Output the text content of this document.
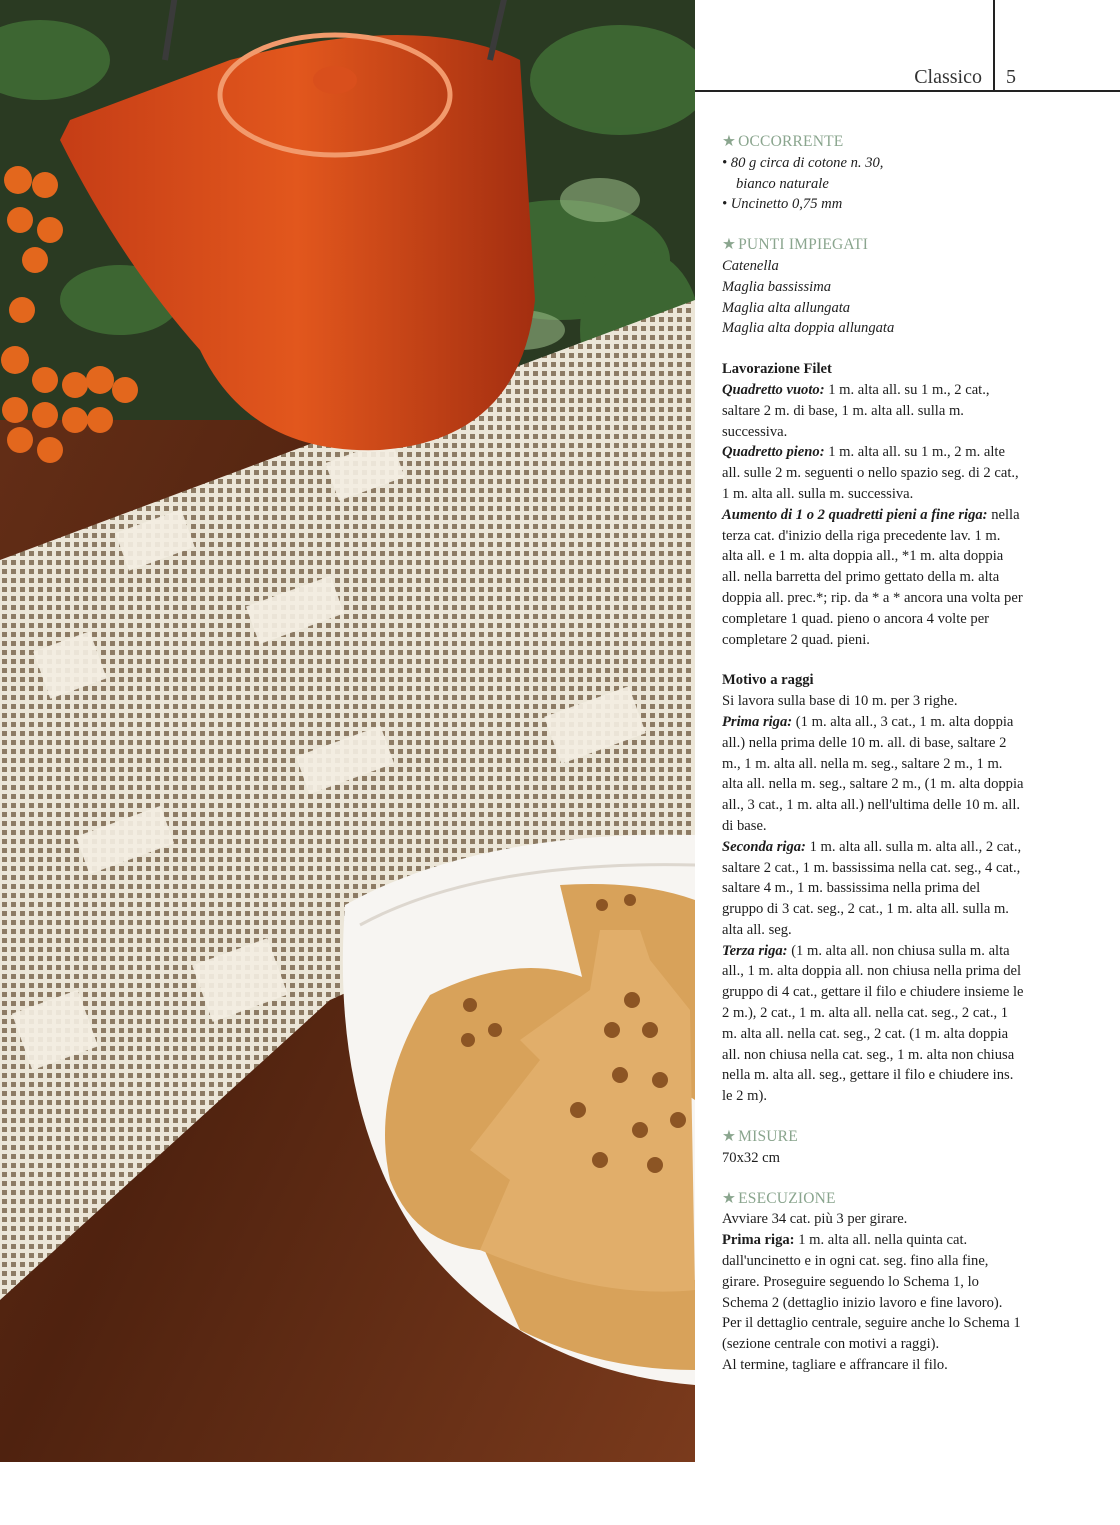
Classico 5
★ OCCORRENTE
• 80 g circa di cotone n. 30,
bianco naturale
• Uncinetto 0,75 mm
★ PUNTI IMPIEGATI
Catenella
Maglia bassissima
Maglia alta allungata
Maglia alta doppia allungata
Lavorazione Filet

Quadretto vuoto: 1 m. alta all. su 1 m., 2 cat., saltare 2 m. di base, 1 m. alta all. sulla m. successiva.

Quadretto pieno: 1 m. alta all. su 1 m., 2 m. alte all. sulle 2 m. seguenti o nello spazio seg. di 2 cat., 1 m. alta all. sulla m. successiva.

Aumento di 1 o 2 quadretti pieni a fine riga: nella terza cat. d'inizio della riga precedente lav. 1 m. alta all. e 1 m. alta doppia all., *1 m. alta doppia all. nella barretta del primo gettato della m. alta doppia all. prec.*; rip. da * a * ancora una volta per completare 1 quad. pieno o ancora 4 volte per completare 2 quad. pieni.

Motivo a raggi

Si lavora sulla base di 10 m. per 3 righe.

Prima riga: (1 m. alta all., 3 cat., 1 m. alta doppia all.) nella prima delle 10 m. all. di base, saltare 2 m., 1 m. alta all. nella m. seg., saltare 2 m., 1 m. alta all. nella m. seg., saltare 2 m., (1 m. alta doppia all., 3 cat., 1 m. alta all.) nell'ultima delle 10 m. all. di base.

Seconda riga: 1 m. alta all. sulla m. alta all., 2 cat., saltare 2 cat., 1 m. bassissima nella cat. seg., 4 cat., saltare 4 m., 1 m. bassissima nella prima del gruppo di 3 cat. seg., 2 cat., 1 m. alta all. sulla m. alta all. seg.

Terza riga: (1 m. alta all. non chiusa sulla m. alta all., 1 m. alta doppia all. non chiusa nella prima del gruppo di 4 cat., gettare il filo e chiudere insieme le 2 m.), 2 cat., 1 m. alta all. nella cat. seg., 2 cat., 1 m. alta all. nella cat. seg., 2 cat. (1 m. alta doppia all. non chiusa nella cat. seg., 1 m. alta non chiusa nella m. alta all. seg., gettare il filo e chiudere ins. le 2 m).

★ MISURE

70x32 cm

★ ESECUZIONE

Avviare 34 cat. più 3 per girare.

Prima riga: 1 m. alta all. nella quinta cat. dall'uncinetto e in ogni cat. seg. fino alla fine, girare. Proseguire seguendo lo Schema 1, lo Schema 2 (dettaglio inizio lavoro e fine lavoro). Per il dettaglio centrale, seguire anche lo Schema 1 (sezione centrale con motivi a raggi).

Al termine, tagliare e affrancare il filo.
